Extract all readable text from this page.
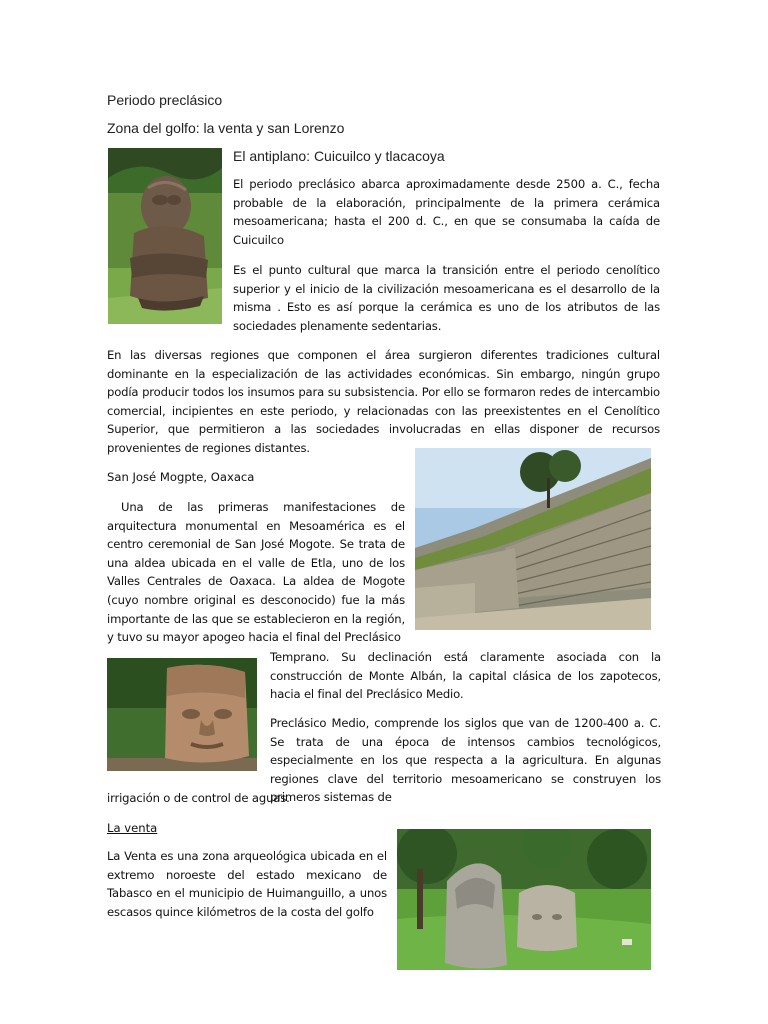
Periodo preclásico
Zona del golfo: la venta y san Lorenzo
El antiplano: Cuicuilco y tlacacoya

El periodo preclásico abarca aproximadamente desde 2500 a. C., fecha probable de la elaboración, principalmente de la primera cerámica mesoamericana; hasta el 200 d. C., en que se consumaba la caída de Cuicuilco

Es el punto cultural que marca la transición entre el periodo cenolítico superior y el inicio de la civilización mesoamericana es el desarrollo de la misma . Esto es así porque la cerámica es uno de los atributos de las sociedades plenamente sedentarias.

En las diversas regiones que componen el área surgieron diferentes tradiciones cultural dominante en la especialización de las actividades económicas. Sin embargo, ningún grupo podía producir todos los insumos para su subsistencia. Por ello se formaron redes de intercambio comercial, incipientes en este periodo, y relacionadas con las preexistentes en el Cenolítico Superior, que permitieron a las sociedades involucradas en ellas disponer de recursos provenientes de regiones distantes.

San José Mogpte, Oaxaca

Una de las primeras manifestaciones de arquitectura monumental en Mesoamérica es el centro ceremonial de San José Mogote. Se trata de una aldea ubicada en el valle de Etla, uno de los Valles Centrales de Oaxaca. La aldea de Mogote (cuyo nombre original es desconocido) fue la más importante de las que se establecieron en la región, y tuvo su mayor apogeo hacia el final del Preclásico

Temprano. Su declinación está claramente asociada con la construcción de Monte Albán, la capital clásica de los zapotecos, hacia el final del Preclásico Medio.

Preclásico Medio, comprende los siglos que van de 1200-400 a. C. Se trata de una época de intensos cambios tecnológicos, especialmente en los que respecta a la agricultura. En algunas regiones clave del territorio mesoamericano se construyen los primeros sistemas de

irrigación o de control de aguas.

La venta

La Venta es una zona arqueológica ubicada en el extremo noroeste del estado mexicano de Tabasco en el municipio de Huimanguillo, a unos escasos quince kilómetros de la costa del golfo
